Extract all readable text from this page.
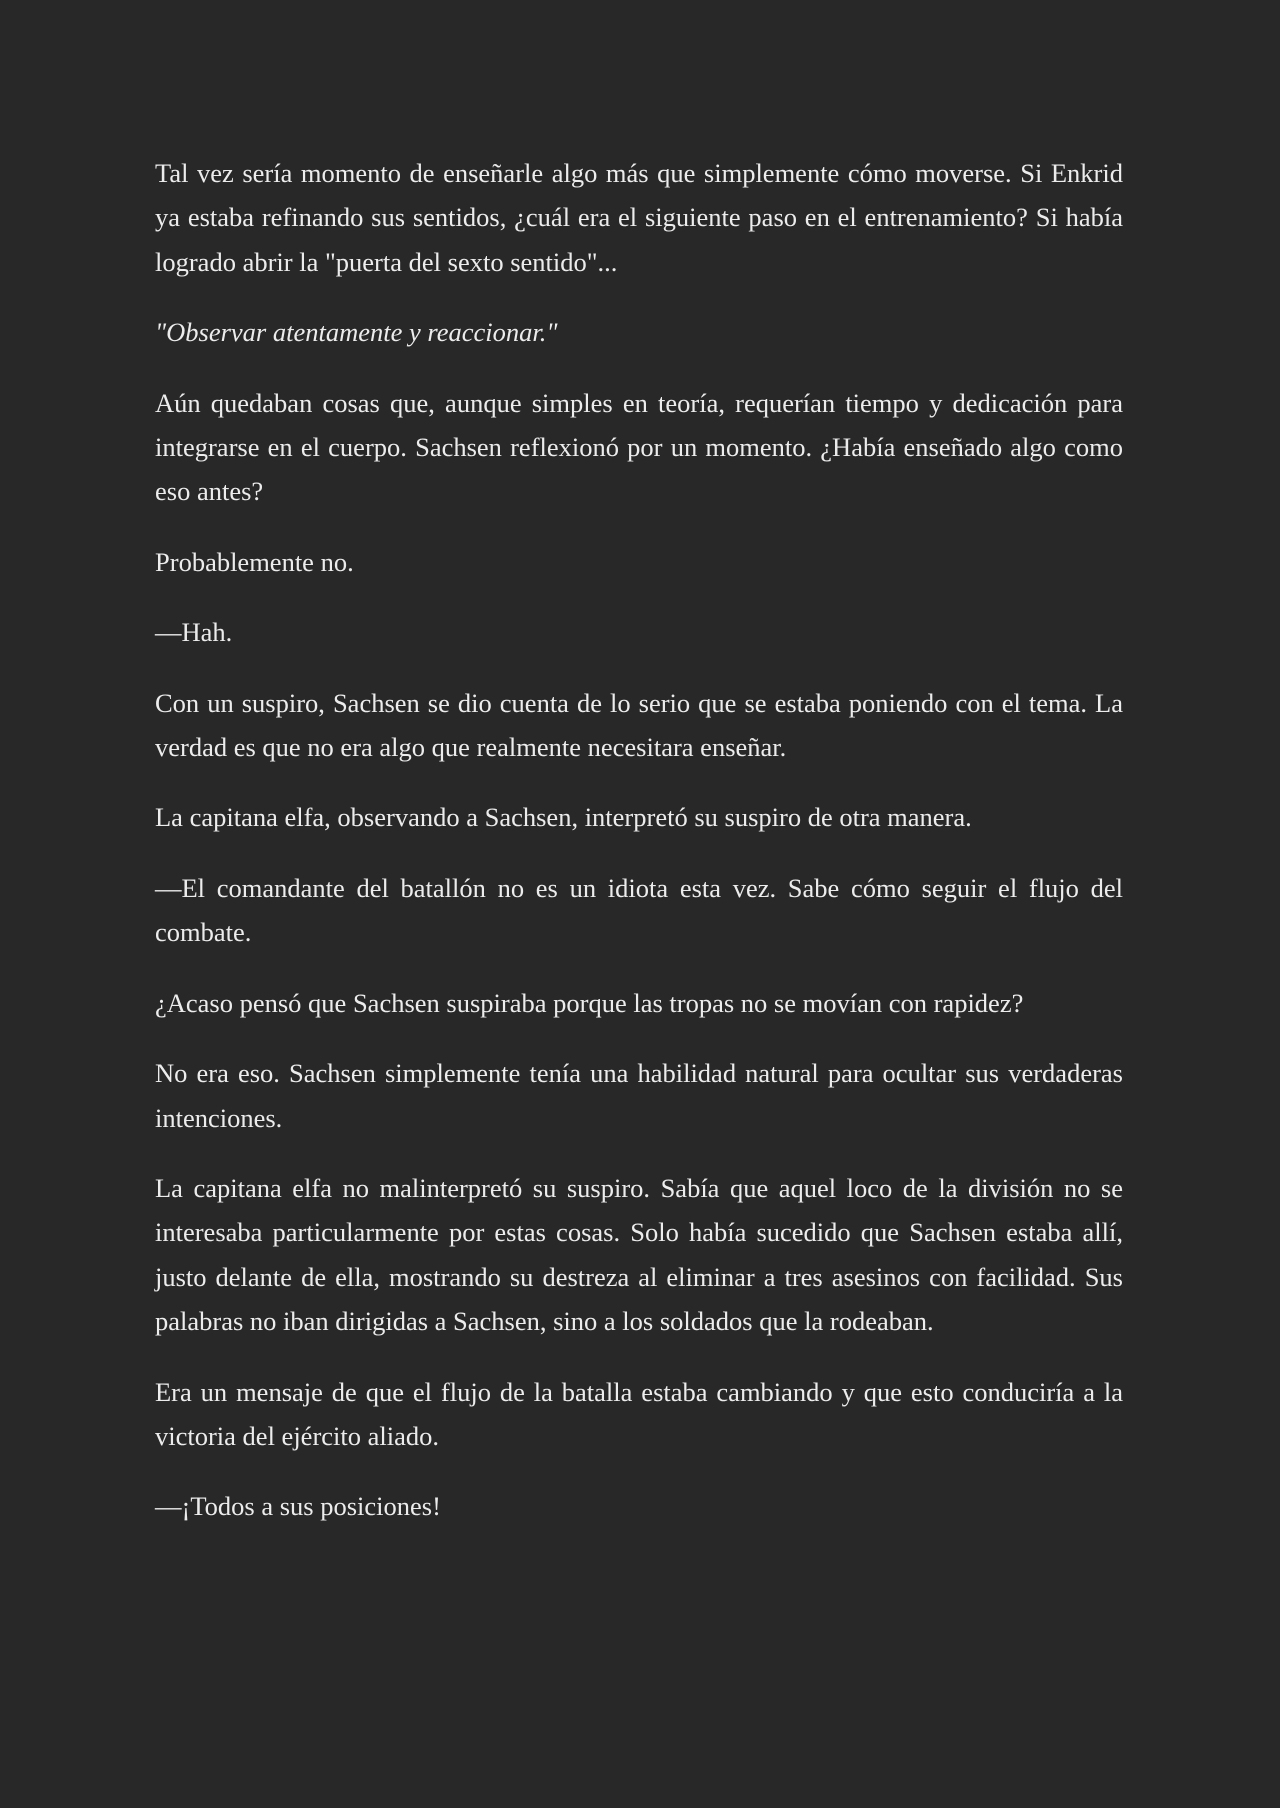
Tal vez sería momento de enseñarle algo más que simplemente cómo moverse. Si Enkrid ya estaba refinando sus sentidos, ¿cuál era el siguiente paso en el entrenamiento? Si había logrado abrir la "puerta del sexto sentido"...

"Observar atentamente y reaccionar."

Aún quedaban cosas que, aunque simples en teoría, requerían tiempo y dedicación para integrarse en el cuerpo. Sachsen reflexionó por un momento. ¿Había enseñado algo como eso antes?

Probablemente no.

—Hah.

Con un suspiro, Sachsen se dio cuenta de lo serio que se estaba poniendo con el tema. La verdad es que no era algo que realmente necesitara enseñar.

La capitana elfa, observando a Sachsen, interpretó su suspiro de otra manera.

—El comandante del batallón no es un idiota esta vez. Sabe cómo seguir el flujo del combate.

¿Acaso pensó que Sachsen suspiraba porque las tropas no se movían con rapidez?

No era eso. Sachsen simplemente tenía una habilidad natural para ocultar sus verdaderas intenciones.

La capitana elfa no malinterpretó su suspiro. Sabía que aquel loco de la división no se interesaba particularmente por estas cosas. Solo había sucedido que Sachsen estaba allí, justo delante de ella, mostrando su destreza al eliminar a tres asesinos con facilidad. Sus palabras no iban dirigidas a Sachsen, sino a los soldados que la rodeaban.

Era un mensaje de que el flujo de la batalla estaba cambiando y que esto conduciría a la victoria del ejército aliado.

—¡Todos a sus posiciones!
